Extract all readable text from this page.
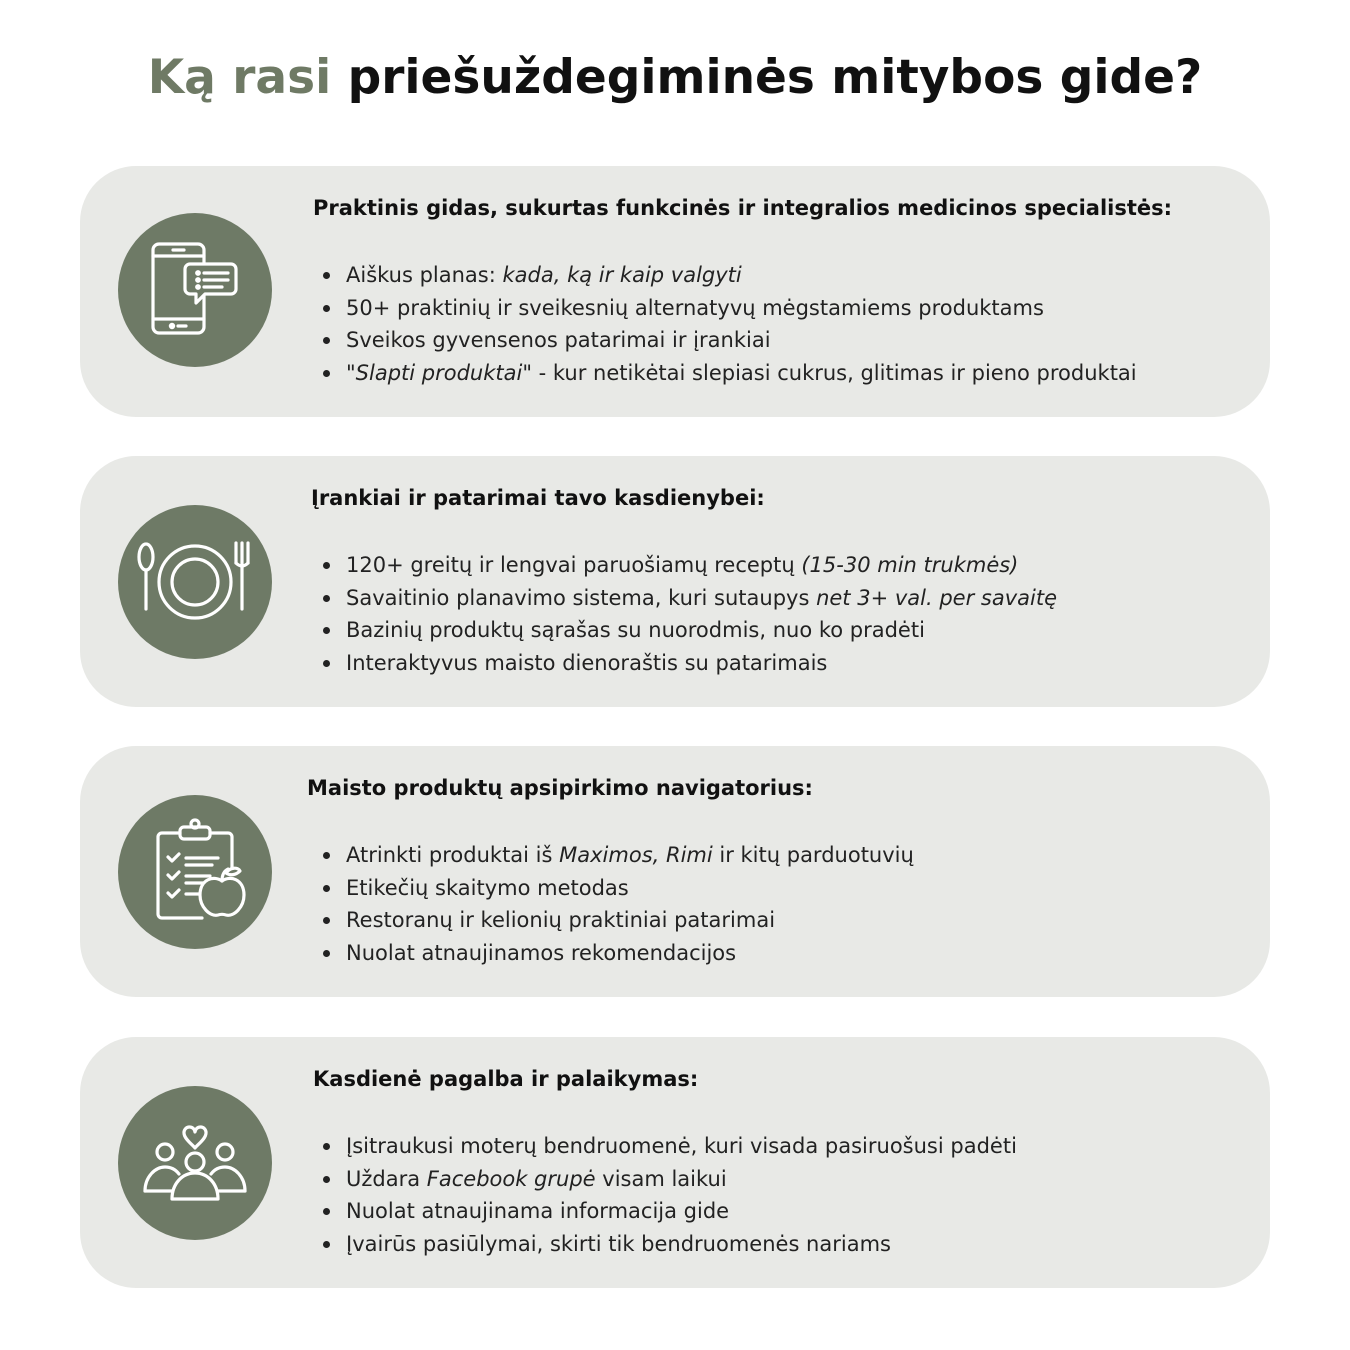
Ką rasi priešuždegiminės mitybos gide?
Praktinis gidas, sukurtas funkcinės ir integralios medicinos specialistės:
Aiškus planas: kada, ką ir kaip valgyti
50+ praktinių ir sveikesnių alternatyvų mėgstamiems produktams
Sveikos gyvensenos patarimai ir įrankiai
"Slapti produktai" - kur netikėtai slepiasi cukrus, glitimas ir pieno produktai
Įrankiai ir patarimai tavo kasdienybei:
120+ greitų ir lengvai paruošiamų receptų (15-30 min trukmės)
Savaitinio planavimo sistema, kuri sutaupys net 3+ val. per savaitę
Bazinių produktų sąrašas su nuorodmis, nuo ko pradėti
Interaktyvus maisto dienoraštis su patarimais
Maisto produktų apsipirkimo navigatorius:
Atrinkti produktai iš Maximos, Rimi ir kitų parduotuvių
Etikečių skaitymo metodas
Restoranų ir kelionių praktiniai patarimai
Nuolat atnaujinamos rekomendacijos
Kasdienė pagalba ir palaikymas:
Įsitraukusi moterų bendruomenė, kuri visada pasiruošusi padėti
Uždara Facebook grupė visam laikui
Nuolat atnaujinama informacija gide
Įvairūs pasiūlymai, skirti tik bendruomenės nariams
